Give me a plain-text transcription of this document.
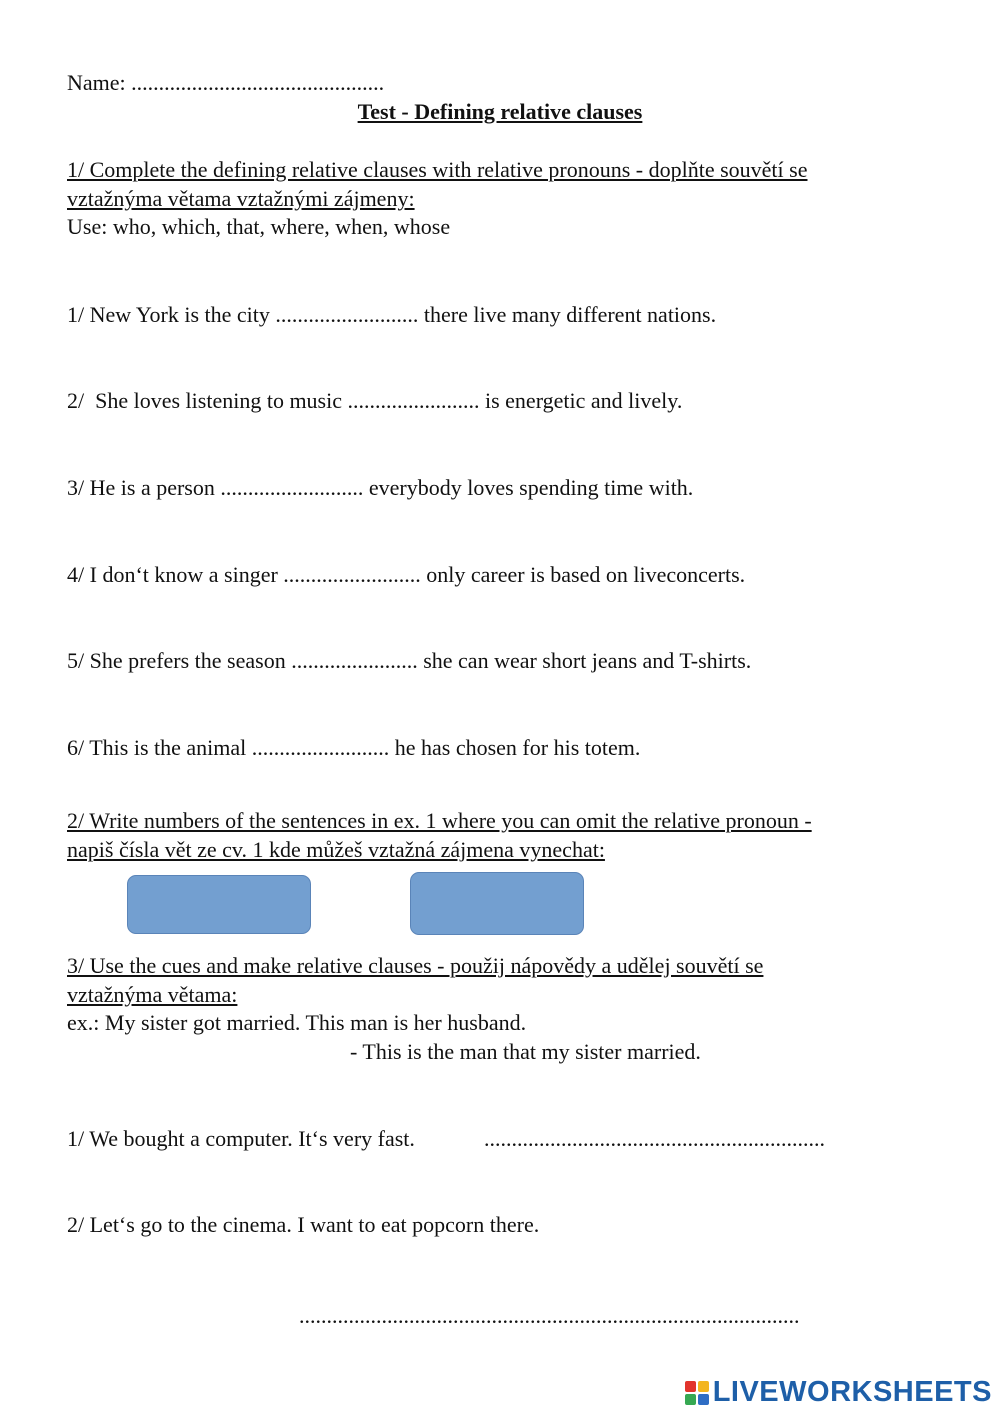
Name: ..............................................
Test - Defining relative clauses
1/ Complete the defining relative clauses with relative pronouns - doplňte souvětí se
vztažnýma větama vztažnými zájmeny:
Use: who, which, that, where, when, whose
1/ New York is the city .......................... there live many different nations.
2/  She loves listening to music ........................ is energetic and lively.
3/ He is a person .......................... everybody loves spending time with.
4/ I don‘t know a singer ......................... only career is based on liveconcerts.
5/ She prefers the season ....................... she can wear short jeans and T-shirts.
6/ This is the animal ......................... he has chosen for his totem.
2/ Write numbers of the sentences in ex. 1 where you can omit the relative pronoun -
napiš čísla vět ze cv. 1 kde můžeš vztažná zájmena vynechat:
3/ Use the cues and make relative clauses - použij nápovědy a udělej souvětí se
vztažnýma větama:
ex.: My sister got married. This man is her husband.
- This is the man that my sister married.
1/ We bought a computer. It‘s very fast.	..............................................................
2/ Let‘s go to the cinema. I want to eat popcorn there.
...........................................................................................
LIVEWORKSHEETS
